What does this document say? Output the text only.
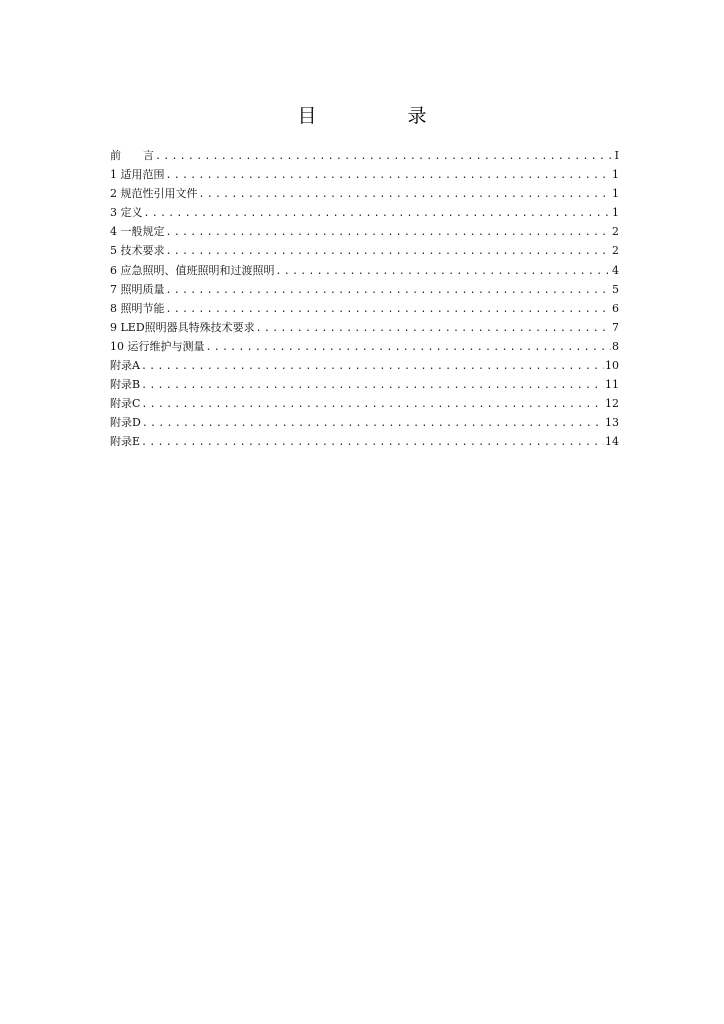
目　录
前　　言 .....	I
1 适用范围 .....	1
2 规范性引用文件 .....	1
3 定义 .....	1
4 一般规定 .....	2
5 技术要求 .....	2
6 应急照明、值班照明和过渡照明 .....	4
7 照明质量 .....	5
8 照明节能 .....	6
9 LED照明器具特殊技术要求 .....	7
10 运行维护与测量 .....	8
附录A .....	10
附录B .....	11
附录C .....	12
附录D .....	13
附录E .....	14
